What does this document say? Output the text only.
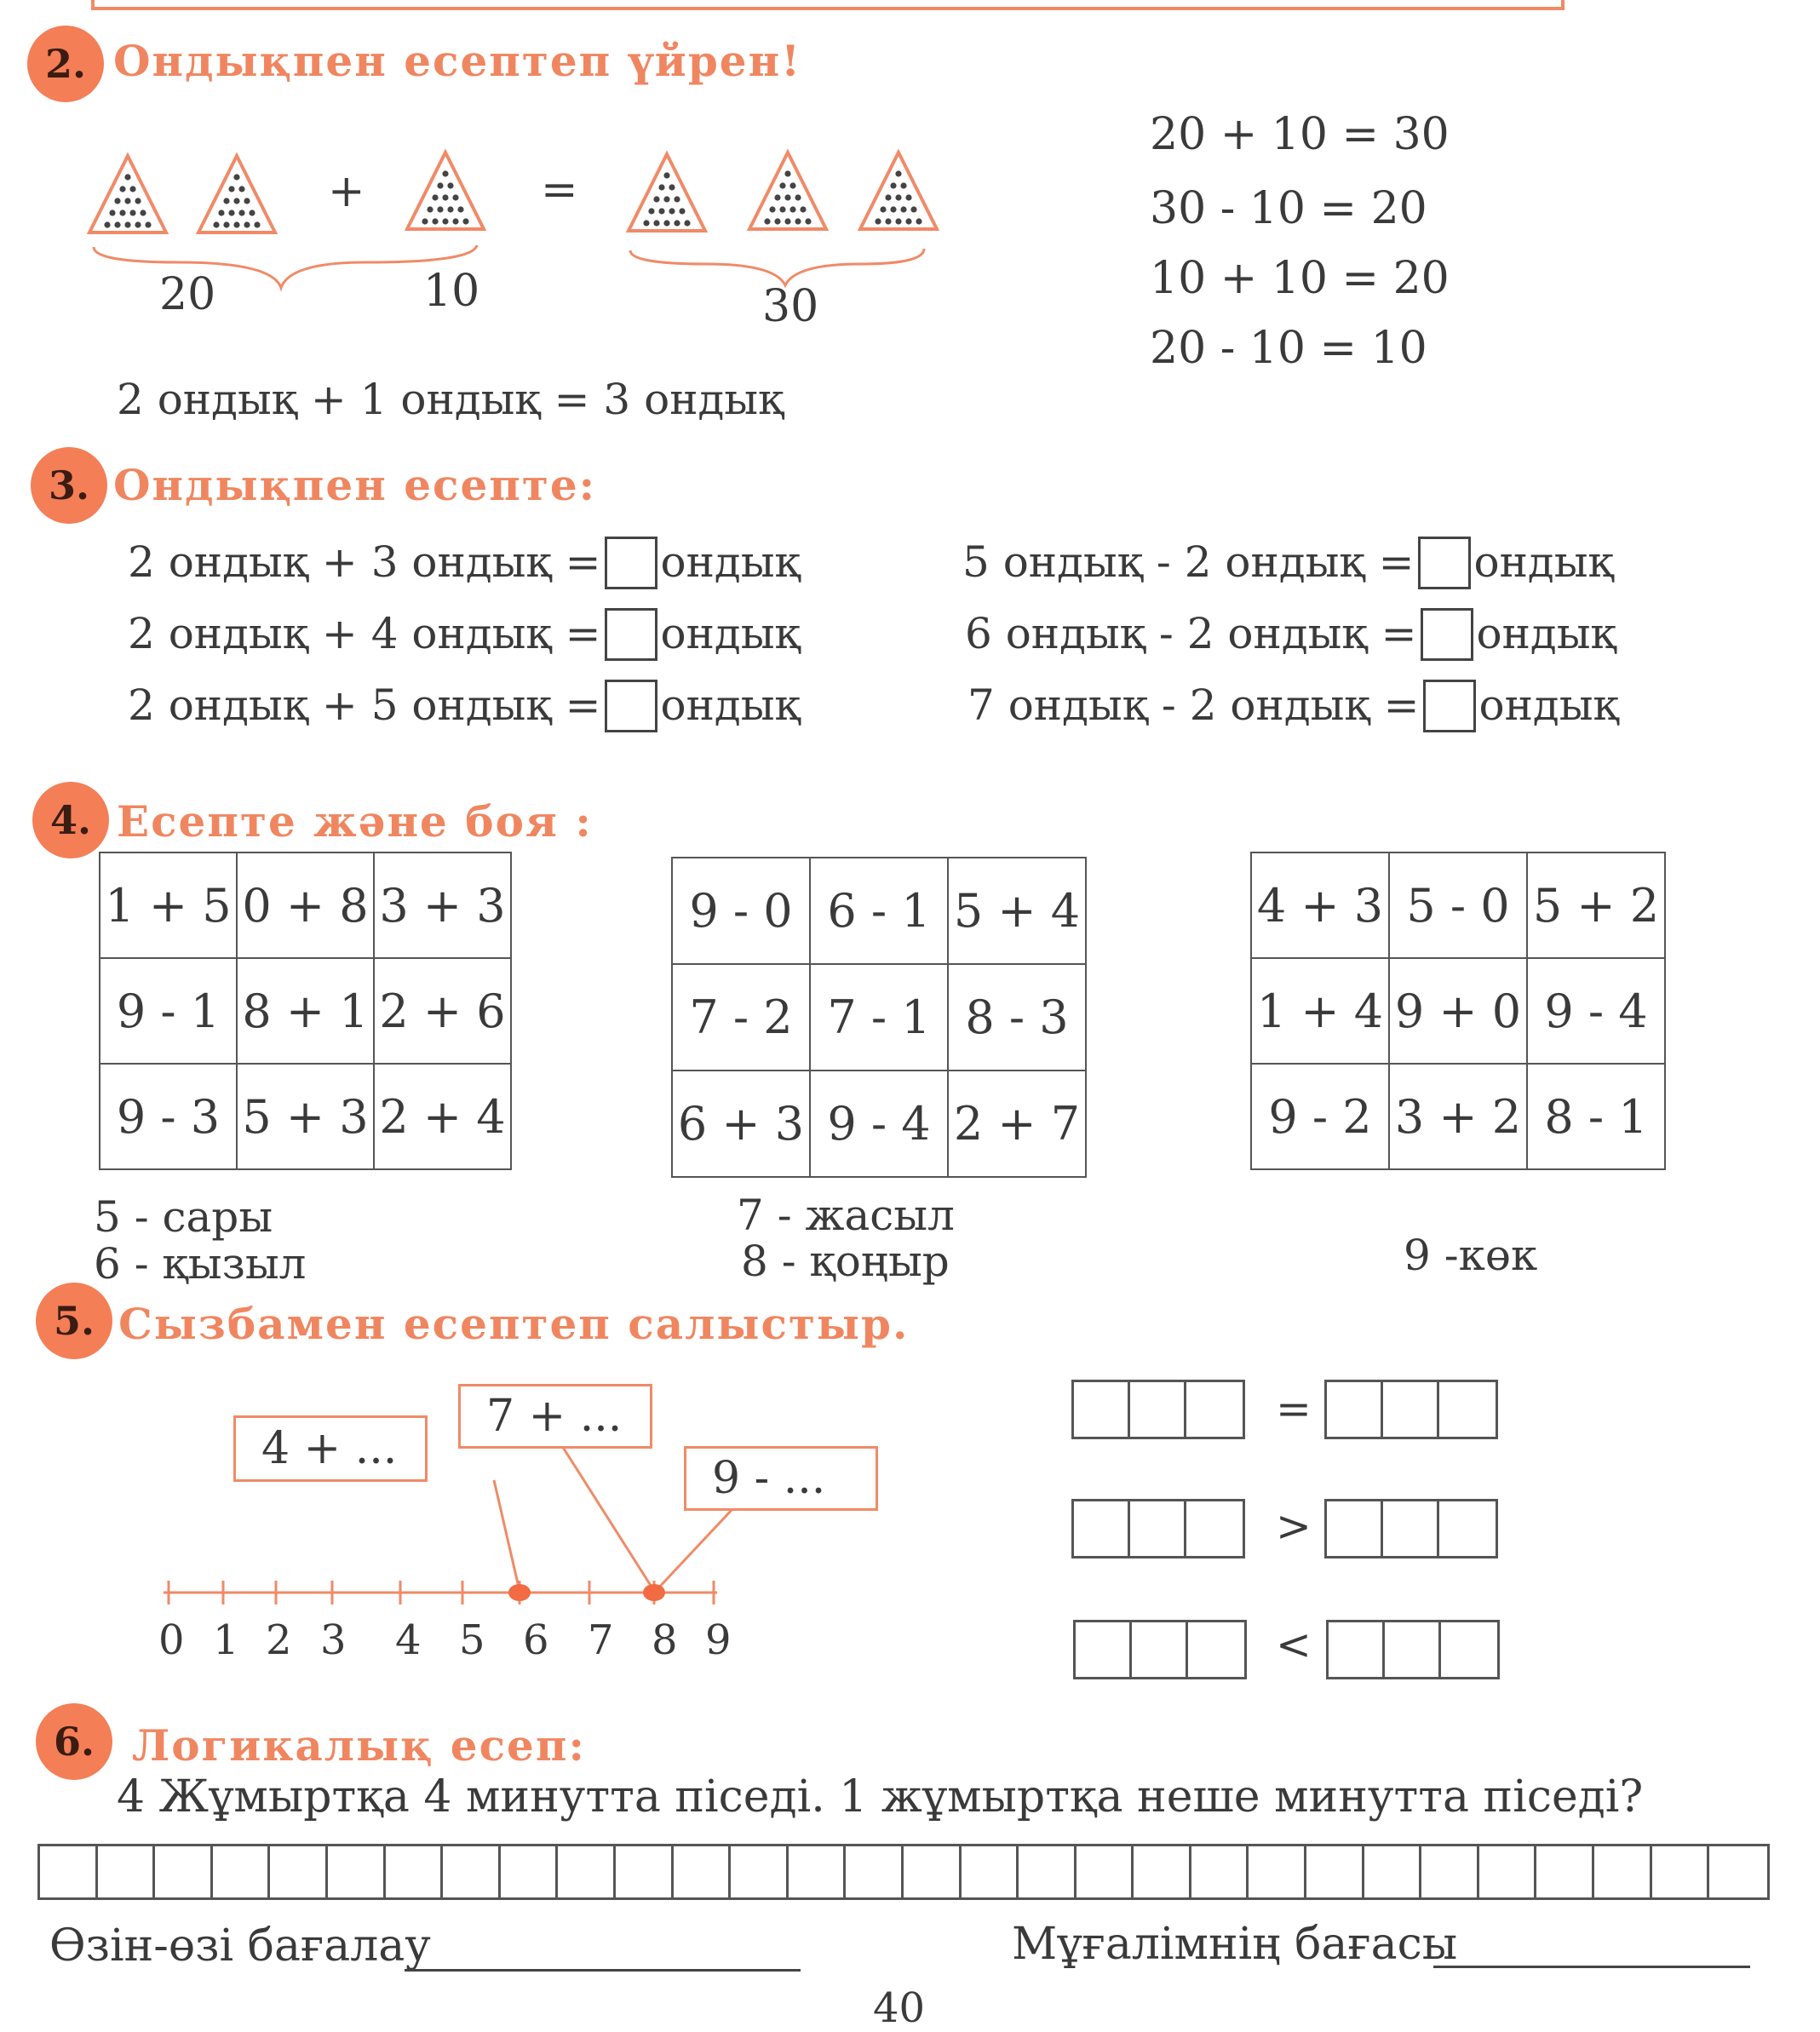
2. Ондықпен есептеп үйрен!
+	=
20	10	30
2 ондық + 1 ондық = 3 ондық
20 + 10 = 30
30 - 10 = 20
10 + 10 = 20
20 - 10 = 10
3. Ондықпен есепте:
2 ондық + 3 ондық = ондық
2 ондық + 4 ондық = ондық
2 ондық + 5 ондық = ондық
5 ондық - 2 ондық = ондық
6 ондық - 2 ондық = ондық
7 ондық - 2 ондық = ондық
4. Есепте және боя :
1 + 5	0 + 8	3 + 3
9 - 1	8 + 1	2 + 6
9 - 3	5 + 3	2 + 4
9 - 0	6 - 1	5 + 4
7 - 2	7 - 1	8 - 3
6 + 3	9 - 4	2 + 7
4 + 3	5 - 0	5 + 2
1 + 4	9 + 0	9 - 4
9 - 2	3 + 2	8 - 1
5 - сары
6 - қызыл
7 - жасыл
8 - қоңыр	9 -көк
5. Сызбамен есептеп салыстыр.
0 1 2 3 4 5 6 7 8 9
4 + ...
7 + ...
9 - ...
=
>
<
6. Логикалық есеп:
4 Жұмыртқа 4 минутта піседі. 1 жұмыртқа неше минутта піседі?
Өзін-өзі бағалау	Мұғалімнің бағасы
40
